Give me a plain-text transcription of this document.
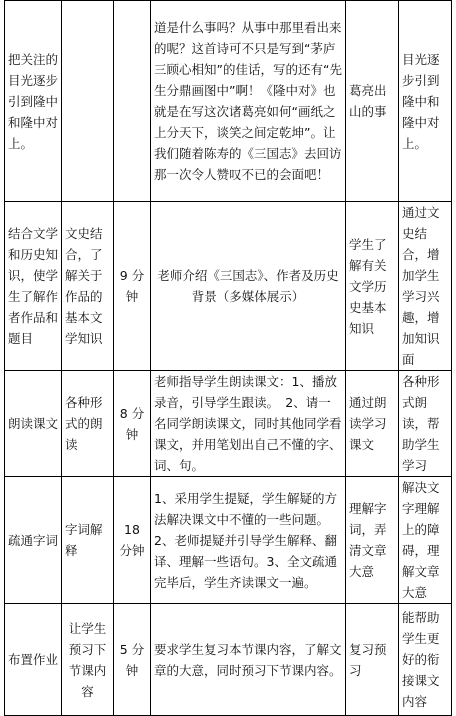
把关注的目光逐步引到隆中和隆中对上。			道是什么事吗？从事中那里看出来的呢？这首诗可不只是写到“茅庐三顾心相知”的佳话，写的还有“先生分鼎画图中”啊！《隆中对》也就是在写这次诸葛亮如何“画纸之上分天下，谈笑之间定乾坤”。让我们随着陈寿的《三国志》去回访那一次令人赞叹不已的会面吧！	葛亮出山的事	目光逐步引到隆中和隆中对上。
结合文学和历史知识，使学生了解作者作品和题目	文史结合，了解关于作品的基本文学知识	9 分钟	老师介绍《三国志》、作者及历史背景（多媒体展示）	学生了解有关文学历史基本知识	通过文史结合，增加学生学习兴趣，增加知识面
朗读课文	各种形式的朗读	8 分钟	老师指导学生朗读课文：1、播放录音，引导学生跟读。　2、请一名同学朗读课文，同时其他同学看课文，并用笔划出自己不懂的字、词、句。	通过朗读学习课文	各种形式朗读，帮助学生学习
疏通字词	字词解释	18 分钟	1、采用学生提疑，学生解疑的方法解决课文中不懂的一些问题。2、老师提疑并引导学生解释、翻译、理解一些语句。3、全文疏通完毕后，学生齐读课文一遍。	理解字词，弄清文章大意	解决文字理解上的障碍，理解文章大意
布置作业	让学生预习下节课内容	5 分钟	要求学生复习本节课内容，了解文章的大意，同时预习下节课内容。	复习预习	能帮助学生更好的衔接课文内容
